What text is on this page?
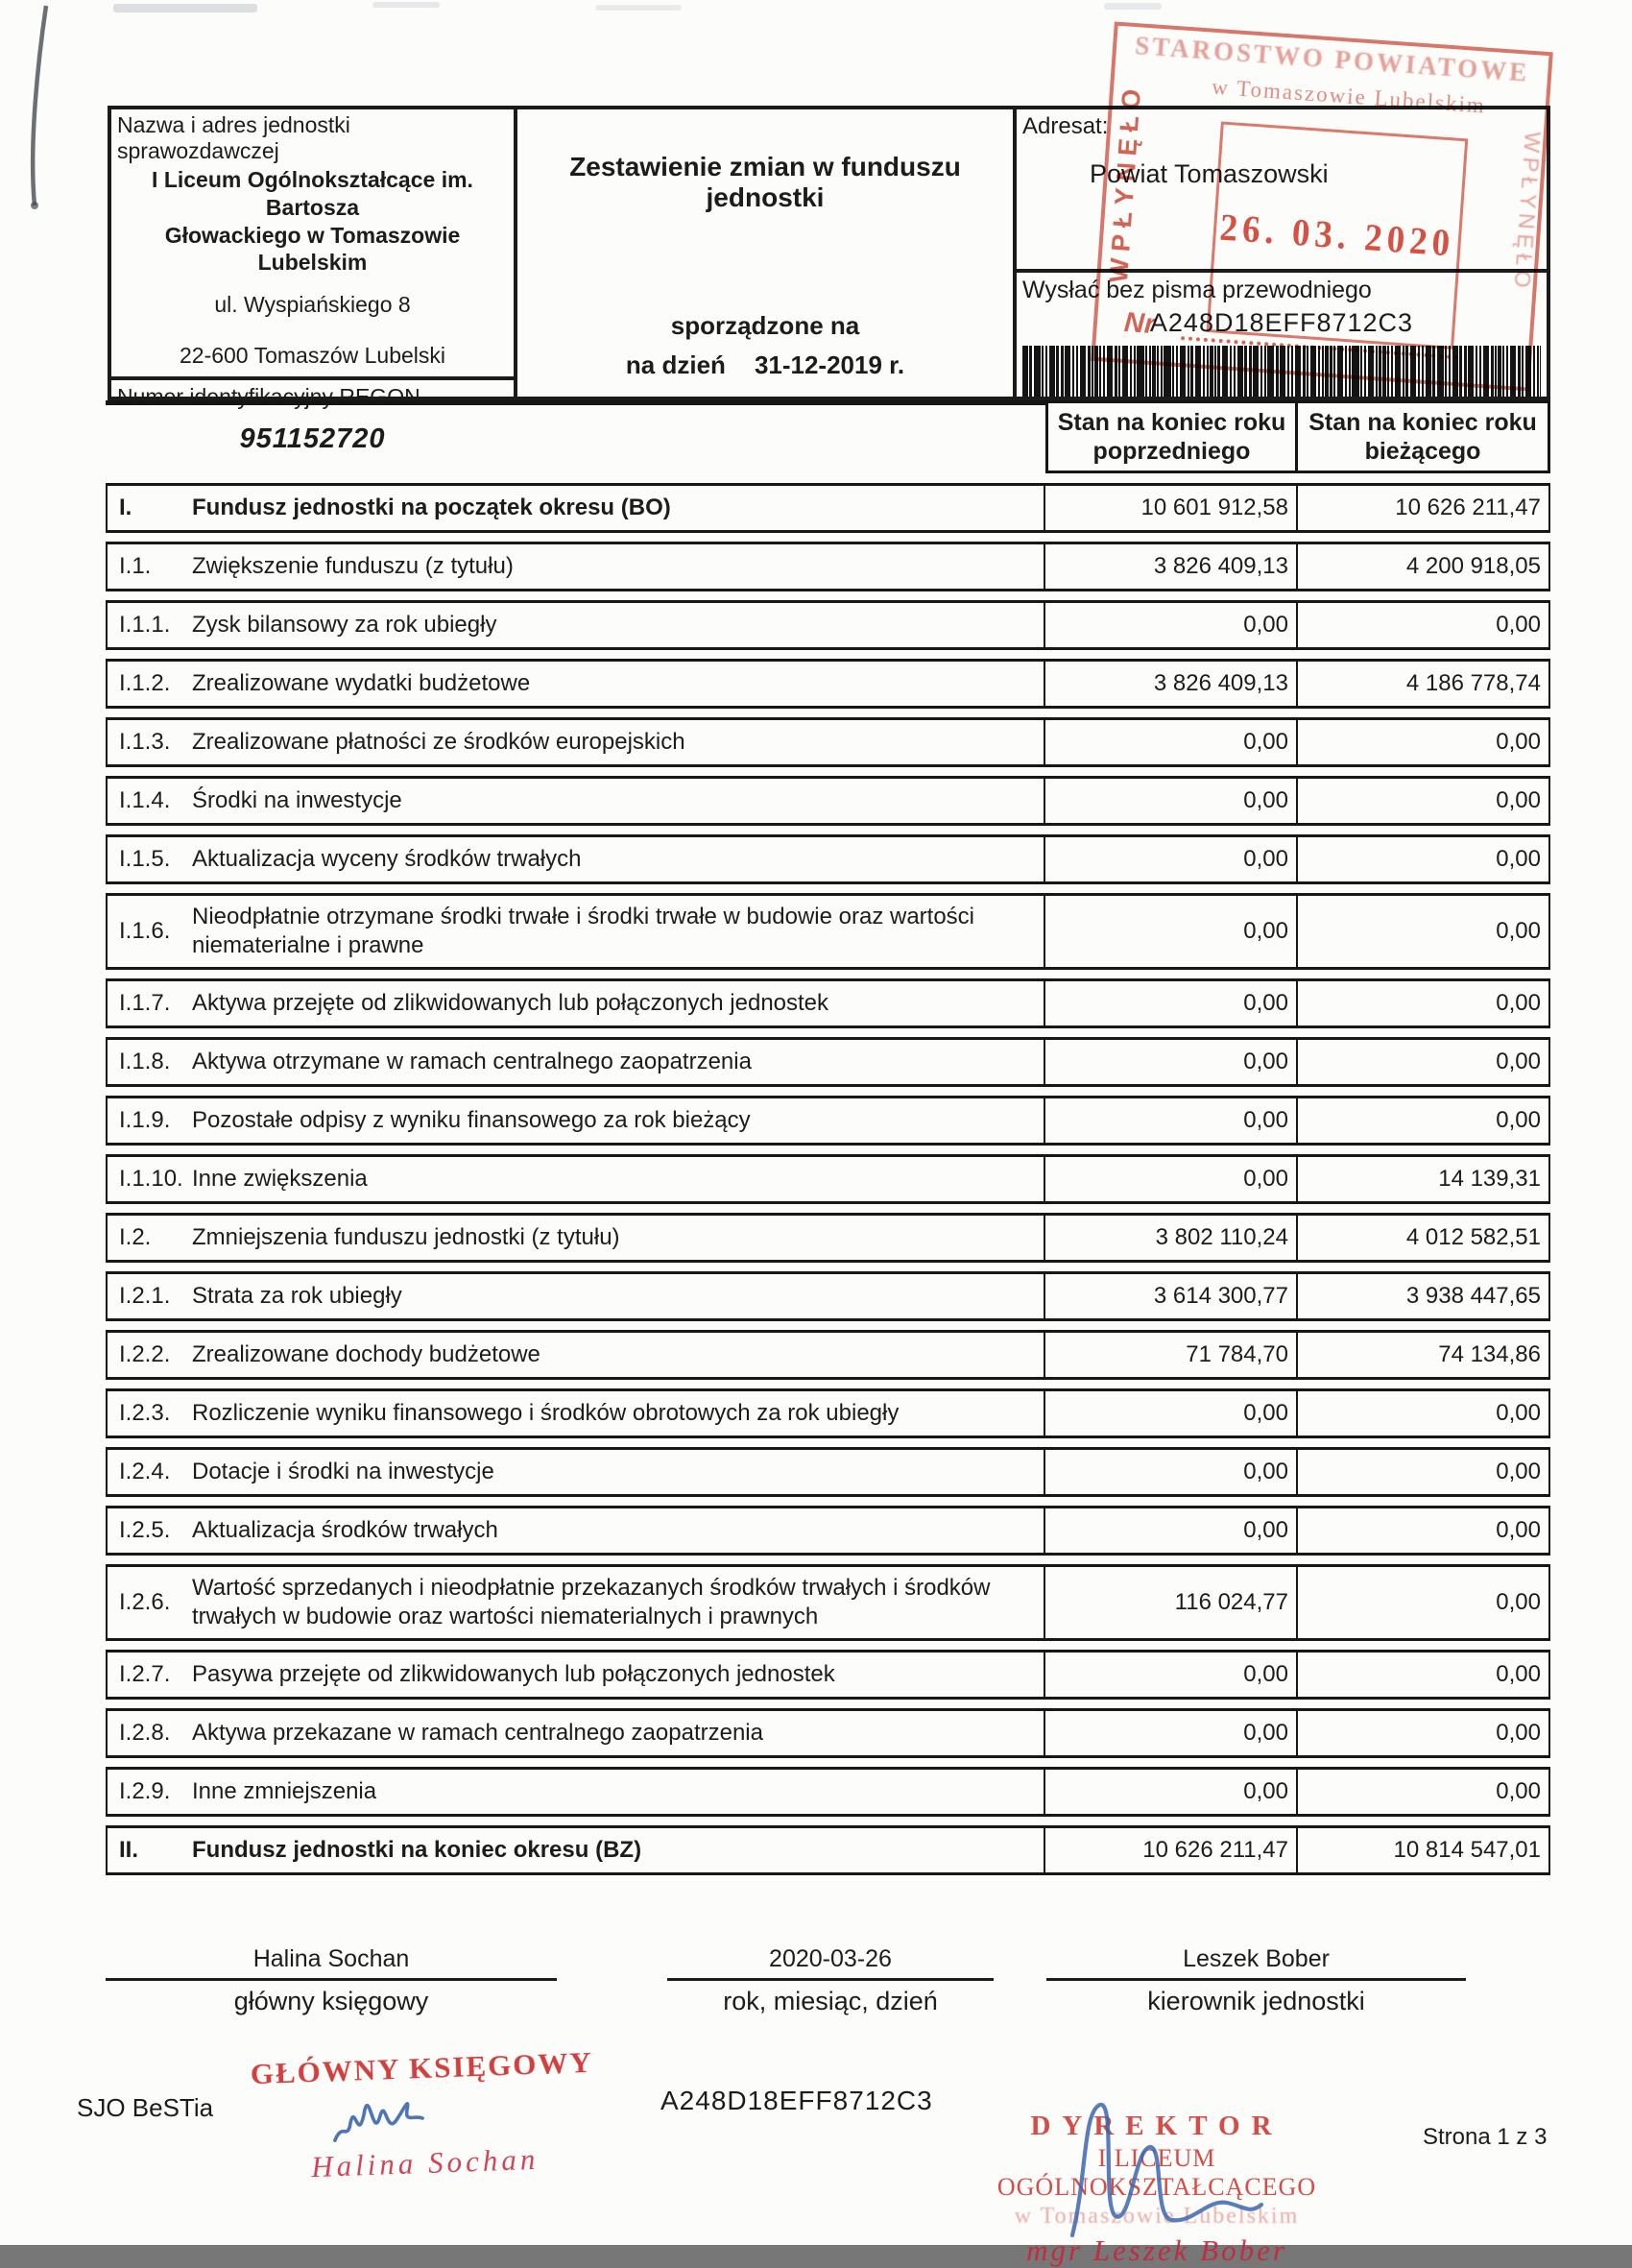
Nazwa i adres jednostki sprawozdawczej
I Liceum Ogólnokształcące im. Bartosza
Głowackiego w Tomaszowie Lubelskim
ul. Wyspiańskiego 8
22-600 Tomaszów Lubelski
Numer identyfikacyjny REGON
951152720
Zestawienie zmian w funduszu jednostki
sporządzone na
na dzień 31-12-2019 r.
Adresat:
Powiat Tomaszowski
Wysłać bez pisma przewodniego
A248D18EFF8712C3
STAROSTWO POWIATOWE
w Tomaszowie Lubelskim
WPŁYNĘŁO	WPŁYNĘŁO
26. 03. 2020
Nr
Stan na koniec roku poprzedniego
Stan na koniec roku bieżącego
I.	Fundusz jednostki na początek okresu (BO)	10 601 912,58	10 626 211,47
I.1.	Zwiększenie funduszu (z tytułu)	3 826 409,13	4 200 918,05
I.1.1. Zysk bilansowy za rok ubiegły	0,00	0,00
I.1.2. Zrealizowane wydatki budżetowe	3 826 409,13	4 186 778,74
I.1.3. Zrealizowane płatności ze środków europejskich	0,00	0,00
I.1.4. Środki na inwestycje	0,00	0,00
I.1.5. Aktualizacja wyceny środków trwałych	0,00	0,00
I.1.6.
Nieodpłatnie otrzymane środki trwałe i środki trwałe w budowie oraz wartości niematerialne i prawne
0,00	0,00
I.1.7. Aktywa przejęte od zlikwidowanych lub połączonych jednostek	0,00	0,00
I.1.8. Aktywa otrzymane w ramach centralnego zaopatrzenia	0,00	0,00
I.1.9. Pozostałe odpisy z wyniku finansowego za rok bieżący	0,00	0,00
I.1.10. Inne zwiększenia	0,00	14 139,31
I.2.	Zmniejszenia funduszu jednostki (z tytułu)	3 802 110,24	4 012 582,51
I.2.1. Strata za rok ubiegły	3 614 300,77	3 938 447,65
I.2.2. Zrealizowane dochody budżetowe	71 784,70	74 134,86
I.2.3. Rozliczenie wyniku finansowego i środków obrotowych za rok ubiegły	0,00	0,00
I.2.4. Dotacje i środki na inwestycje	0,00	0,00
I.2.5. Aktualizacja środków trwałych	0,00	0,00
I.2.6.
Wartość sprzedanych i nieodpłatnie przekazanych środków trwałych i środków trwałych w budowie oraz wartości niematerialnych i prawnych
116 024,77	0,00
I.2.7. Pasywa przejęte od zlikwidowanych lub połączonych jednostek	0,00	0,00
I.2.8. Aktywa przekazane w ramach centralnego zaopatrzenia	0,00	0,00
I.2.9. Inne zmniejszenia	0,00	0,00
II.	Fundusz jednostki na koniec okresu (BZ)	10 626 211,47	10 814 547,01
Halina Sochan
główny księgowy
2020-03-26
rok, miesiąc, dzień
Leszek Bober
kierownik jednostki
SJO BeSTia
GŁÓWNY KSIĘGOWY
Halina Sochan
A248D18EFF8712C3
DYREKTOR
I LICEUM OGÓLNOKSZTAŁCĄCEGO
w Tomaszowie Lubelskim
mgr Leszek Bober
Strona 1 z 3
